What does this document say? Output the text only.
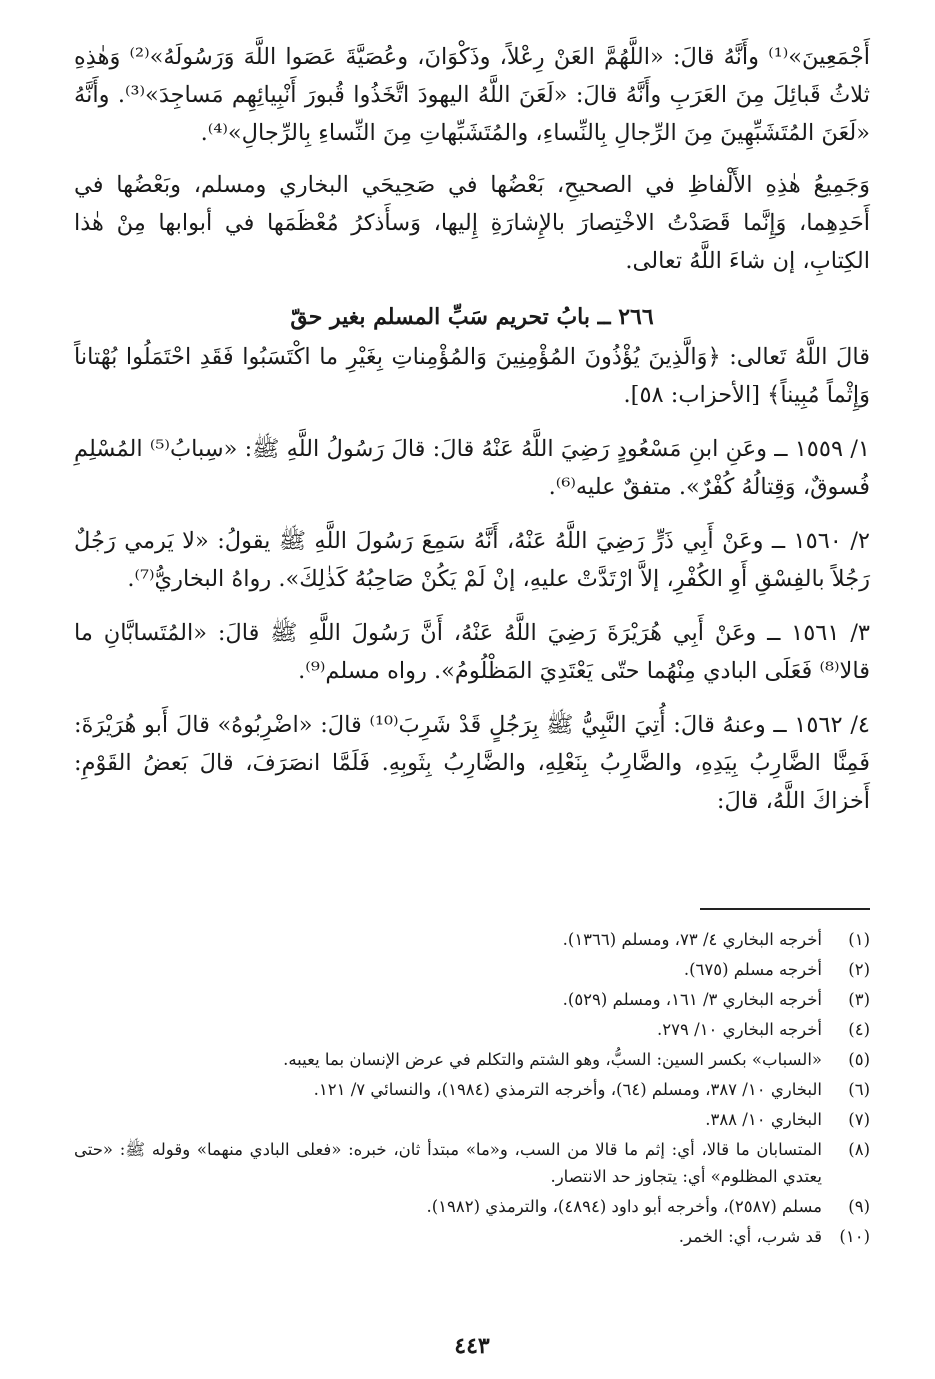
أَجْمَعِينَ»⁽¹⁾ وأَنَّهُ قالَ: «اللَّهُمَّ العَنْ رِعْلاً، وذَكْوَانَ، وعُصَيَّةَ عَصَوا اللَّهَ وَرَسُولَهُ»⁽²⁾ وَهٰذِهِ ثلاثُ قَبائِلَ مِنَ العَرَبِ وأَنَّهُ قالَ: «لَعَنَ اللَّهُ اليهودَ اتَّخَذُوا قُبورَ أَنْبِيائِهِم مَساجِدَ»⁽³⁾. وأَنَّهُ «لَعَنَ المُتَشَبِّهِينَ مِنَ الرِّجالِ بِالنِّساءِ، والمُتَشَبِّهاتِ مِنَ النِّساءِ بِالرِّجالِ»⁽⁴⁾.

وَجَمِيعُ هٰذِهِ الأَلْفاظِ في الصحيحِ، بَعْضُها في صَحِيحَي البخاري ومسلم، وبَعْضُها في أَحَدِهِما، وَإِنَّما قَصَدْتُ الاخْتِصارَ بالإِشارَةِ إِليها، وَسأَذكرُ مُعْظَمَها في أبوابها مِنْ هٰذا الكِتابِ، إن شاءَ اللَّهُ تعالى.

٢٦٦ ــ بابُ تحريم سَبِّ المسلم بغير حقّ

قالَ اللَّهُ تَعالى: ﴿وَالَّذِينَ يُؤْذُونَ المُؤْمِنِينَ وَالمُؤْمِناتِ بِغَيْرِ ما اكْتَسَبُوا فَقَدِ احْتَمَلُوا بُهْتاناً وَإِثْماً مُبِيناً﴾ [الأحزاب: ٥٨].

١/ ١٥٥٩ ــ وعَنِ ابنِ مَسْعُودٍ رَضِيَ اللَّهُ عَنْهُ قالَ: قالَ رَسُولُ اللَّهِ ﷺ: «سِبابُ⁽⁵⁾ المُسْلِمِ فُسوقٌ، وَقِتالُهُ كُفْرٌ». متفقٌ عليه⁽⁶⁾.

٢/ ١٥٦٠ ــ وعَنْ أَبِي ذَرٍّ رَضِيَ اللَّهُ عَنْهُ، أَنَّهُ سَمِعَ رَسُولَ اللَّهِ ﷺ يقولُ: «لا يَرمي رَجُلٌ رَجُلاً بالفِسْقِ أَوِ الكُفْرِ، إلاَّ ارْتَدَّتْ عليهِ، إنْ لَمْ يَكُنْ صَاحِبُهُ كَذٰلِكَ». رواهُ البخاريُّ⁽⁷⁾.

٣/ ١٥٦١ ــ وعَنْ أَبِي هُرَيْرَةَ رَضِيَ اللَّهُ عَنْهُ، أَنَّ رَسُولَ اللَّهِ ﷺ قالَ: «المُتَسابَّانِ ما قالا⁽⁸⁾ فَعَلَى البادي مِنْهُما حتّى يَعْتَدِيَ المَظْلُومُ». رواه مسلم⁽⁹⁾.

٤/ ١٥٦٢ ــ وعنهُ قالَ: أُتِيَ النَّبِيُّ ﷺ بِرَجُلٍ قَدْ شَرِبَ⁽¹⁰⁾ قالَ: «اضْرِبُوهُ» قالَ أَبو هُرَيْرَةَ: فَمِنَّا الضَّارِبُ بِيَدِهِ، والضَّارِبُ بِنَعْلِهِ، والضَّارِبُ بِثَوبِهِ. فَلَمَّا انصَرَفَ، قالَ بَعضُ القَوْمِ: أَخزاكَ اللَّهُ، قالَ:

(١)
أخرجه البخاري ٤/ ٧٣، ومسلم (١٣٦٦).
(٢)
أخرجه مسلم (٦٧٥).
(٣)
أخرجه البخاري ٣/ ١٦١، ومسلم (٥٢٩).
(٤)
أخرجه البخاري ١٠/ ٢٧٩.
(٥)
«السباب» بكسر السين: السبُّ، وهو الشتم والتكلم في عرض الإنسان بما يعيبه.
(٦)
البخاري ١٠/ ٣٨٧، ومسلم (٦٤)، وأخرجه الترمذي (١٩٨٤)، والنسائي ٧/ ١٢١.
(٧)
البخاري ١٠/ ٣٨٨.
(٨)
المتسابان ما قالا، أي: إثم ما قالا من السب، و«ما» مبتدأ ثان، خبره: «فعلى البادي منهما» وقوله ﷺ: «حتى يعتدي المظلوم» أي: يتجاوز حد الانتصار.
(٩)
مسلم (٢٥٨٧)، وأخرجه أبو داود (٤٨٩٤)، والترمذي (١٩٨٢).
(١٠)
قد شرب، أي: الخمر.
٤٤٣
